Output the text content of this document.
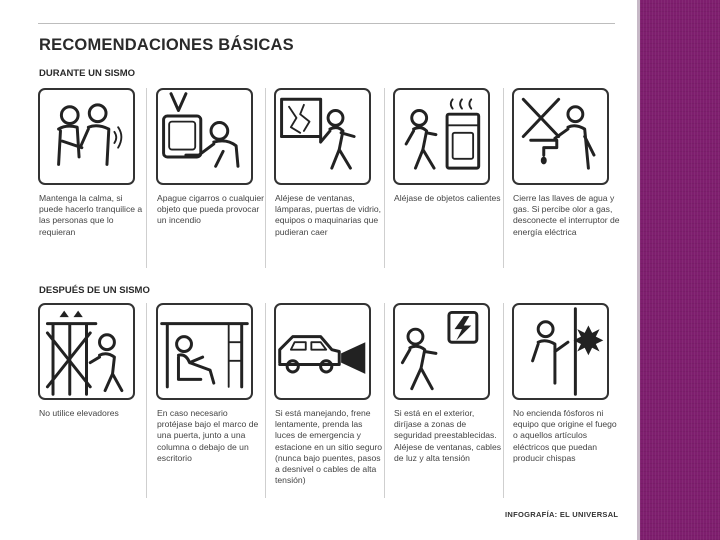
RECOMENDACIONES BÁSICAS
DURANTE UN SISMO
Mantenga la calma, si puede hacerlo tranquilice a las personas que lo requieran
Apague cigarros o cualquier objeto que pueda provocar un incendio
Aléjese de ventanas, lámparas, puertas de vidrio, equipos o maquinarias que pudieran caer
Aléjase de objetos calientes Cierre las llaves de agua y gas. Si percibe olor a gas, desconecte el interruptor de energía eléctrica
DESPUÉS DE UN SISMO
No utilice elevadores	En caso necesario protéjase bajo el marco de una puerta, junto a una columna o debajo de un escritorio
Si está manejando, frene lentamente, prenda las luces de emergencia y estacione en un sitio seguro (nunca bajo puentes, pasos a desnivel o cables de alta tensión)
Si está en el exterior, diríjase a zonas de seguridad preestablecidas. Aléjese de ventanas, cables de luz y alta tensión
No encienda fósforos ni equipo que origine el fuego o aquellos artículos eléctricos que puedan producir chispas
INFOGRAFÍA: EL UNIVERSAL
